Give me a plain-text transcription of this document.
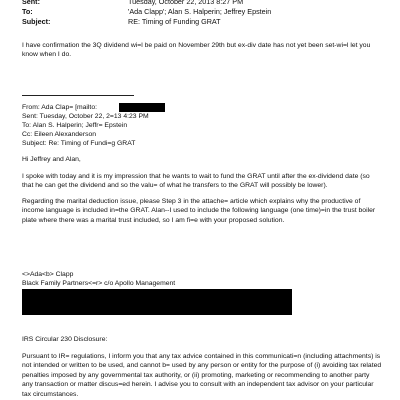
Sent:	Tuesday, October 22, 2013 8:27 PM
To:	'Ada Clapp'; Alan S. Halperin; Jeffrey Epstein
Subject:	RE: Timing of Funding GRAT

I have confirmation the 3Q dividend wi=l be paid on November 29th but ex-div date has not yet been set-wi=l let you know when I do.

From: Ada Clap= [mailto:
Sent: Tuesday, October 22, 2=13 4:23 PM
To: Alan S. Halperin; Jeffr= Epstein
Cc: Eileen Alexanderson
Subject: Re: Timing of Fundi=g GRAT

Hi Jeffrey and Alan,

I spoke with today and it is my impression that he wants to wait to fund the GRAT until after the ex-dividend date (so that he can get the dividend and so the valu= of what he transfers to the GRAT will possibly be lower).

Regarding the marital deduction issue, please Step 3 in the attache= article which explains why the productive of income language is included in=the GRAT. Alan--I used to include the following language (one time)=in the trust boiler plate where there was a marital trust included, so I am fi=e with your proposed solution.

<>Ada<b> Clapp
Black Family Partners<=r> c/o Apollo Management
IRS Circular 230 Disclosure:

Pursuant to IR= regulations, I inform you that any tax advice contained in this communicati=n (including attachments) is not intended or written to be used, and cannot b= used by any person or entity for the purpose of (i) avoiding tax related penalties imposed by any governmental tax authority, or (ii) promoting, marketing or recommending to another party any transaction or matter discus=ed herein. I advise you to consult with an independent tax advisor on your particular tax circumstances.
